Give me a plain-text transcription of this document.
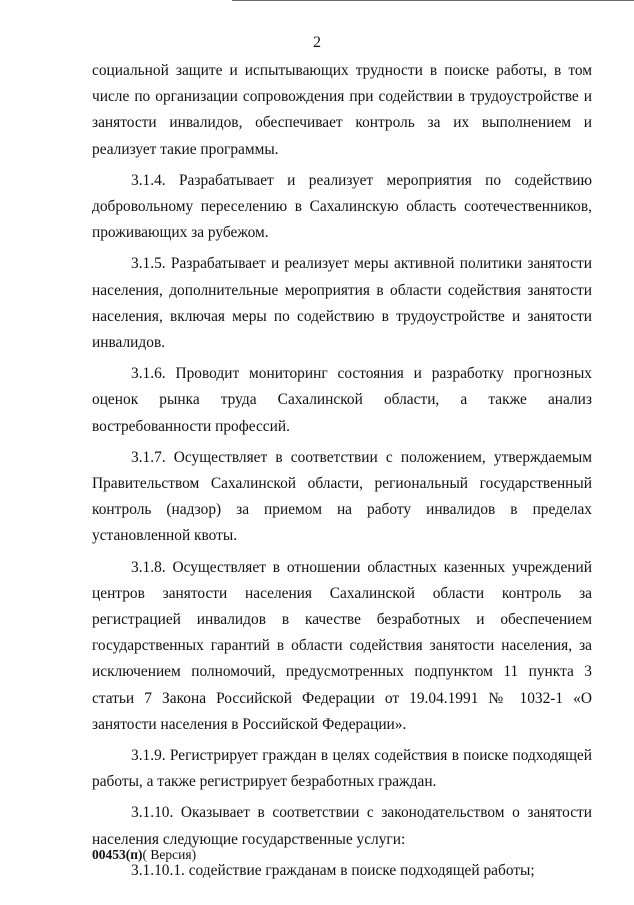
2

социальной защите и испытывающих трудности в поиске работы, в том числе по организации сопровождения при содействии в трудоустройстве и занятости инвалидов, обеспечивает контроль за их выполнением и реализует такие программы.

3.1.4. Разрабатывает и реализует мероприятия по содействию добровольному переселению в Сахалинскую область соотечественников, проживающих за рубежом.

3.1.5. Разрабатывает и реализует меры активной политики занятости населения, дополнительные мероприятия в области содействия занятости населения, включая меры по содействию в трудоустройстве и занятости инвалидов.

3.1.6. Проводит мониторинг состояния и разработку прогнозных оценок рынка труда Сахалинской области, а также анализ востребованности профессий.

3.1.7. Осуществляет в соответствии с положением, утверждаемым Правительством Сахалинской области, региональный государственный контроль (надзор) за приемом на работу инвалидов в пределах установленной квоты.

3.1.8. Осуществляет в отношении областных казенных учреждений центров занятости населения Сахалинской области контроль за регистрацией инвалидов в качестве безработных и обеспечением государственных гарантий в области содействия занятости населения, за исключением полномочий, предусмотренных подпунктом 11 пункта 3 статьи 7 Закона Российской Федерации от 19.04.1991 № 1032-1 «О занятости населения в Российской Федерации».

3.1.9. Регистрирует граждан в целях содействия в поиске подходящей работы, а также регистрирует безработных граждан.

3.1.10. Оказывает в соответствии с законодательством о занятости населения следующие государственные услуги:

3.1.10.1. содействие гражданам в поиске подходящей работы;

00453(п)( Версия)
